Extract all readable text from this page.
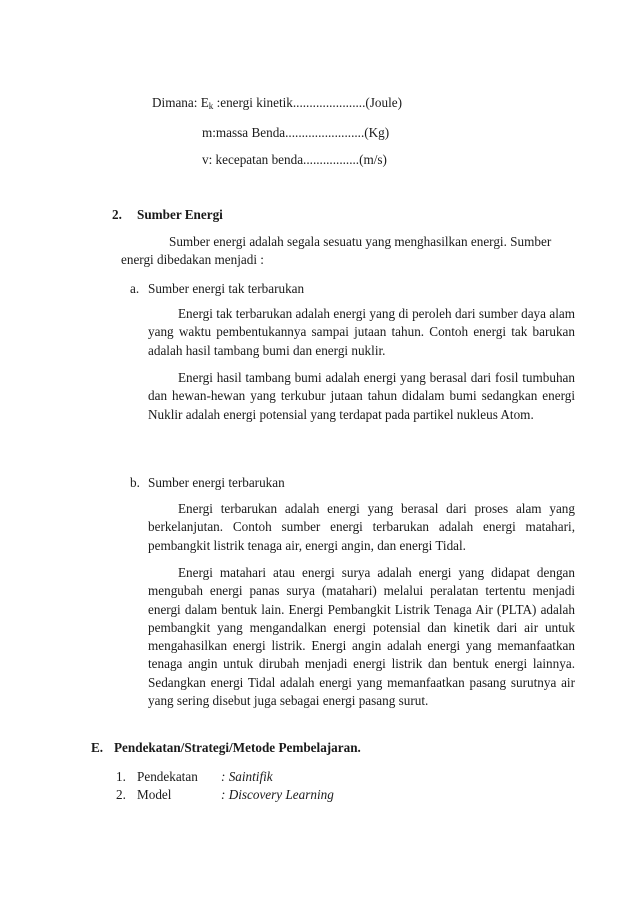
Dimana: $E_k$ :energi kinetik......................(Joule)
m:massa Benda........................(Kg)
v: kecepatan benda.................(m/s)
2. Sumber Energi
Sumber energi adalah segala sesuatu yang menghasilkan energi. Sumber
energi dibedakan menjadi :
a. Sumber energi tak terbarukan

Energi tak terbarukan adalah energi yang di peroleh dari sumber daya alam yang waktu pembentukannya sampai jutaan tahun. Contoh energi tak barukan adalah hasil tambang bumi dan energi nuklir.

Energi hasil tambang bumi adalah energi yang berasal dari fosil tumbuhan dan hewan-hewan yang terkubur jutaan tahun didalam bumi sedangkan energi Nuklir adalah energi potensial yang terdapat pada partikel nukleus Atom.

b. Sumber energi terbarukan

Energi terbarukan adalah energi yang berasal dari proses alam yang berkelanjutan. Contoh sumber energi terbarukan adalah energi matahari, pembangkit listrik tenaga air, energi angin, dan energi Tidal.

Energi matahari atau energi surya adalah energi yang didapat dengan mengubah energi panas surya (matahari) melalui peralatan tertentu menjadi energi dalam bentuk lain. Energi Pembangkit Listrik Tenaga Air (PLTA) adalah pembangkit yang mengandalkan energi potensial dan kinetik dari air untuk mengahasilkan energi listrik. Energi angin adalah energi yang memanfaatkan tenaga angin untuk dirubah menjadi energi listrik dan bentuk energi lainnya. Sedangkan energi Tidal adalah energi yang memanfaatkan pasang surutnya air yang sering disebut juga sebagai energi pasang surut.

E. Pendekatan/Strategi/Metode Pembelajaran.
1. Pendekatan : Saintifik
2. Model	: Discovery Learning
